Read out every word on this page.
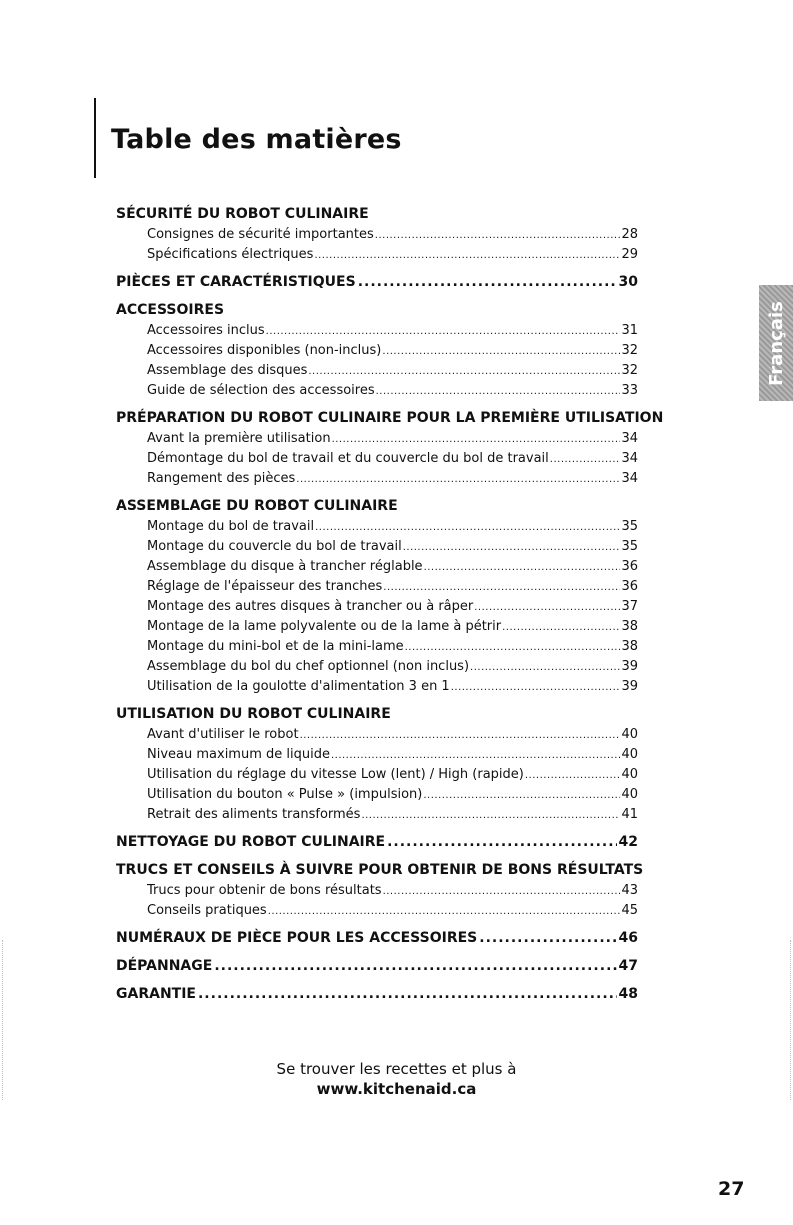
Table des matières
SÉCURITÉ DU ROBOT CULINAIRE
Consignes de sécurité importantes .....	28
Spécifications électriques .....	29
PIÈCES ET CARACTÉRISTIQUES .....	30
ACCESSOIRES
Accessoires inclus .....	31
Accessoires disponibles (non-inclus) .....	32
Assemblage des disques .....	32
Guide de sélection des accessoires .....	33
PRÉPARATION DU ROBOT CULINAIRE POUR LA PREMIÈRE UTILISATION
Avant la première utilisation .....	34
Démontage du bol de travail et du couvercle du bol de travail .....	34
Rangement des pièces .....	34
ASSEMBLAGE DU ROBOT CULINAIRE
Montage du bol de travail .....	35
Montage du couvercle du bol de travail .....	35
Assemblage du disque à trancher réglable .....	36
Réglage de l'épaisseur des tranches .....	36
Montage des autres disques à trancher ou à râper .....	37
Montage de la lame polyvalente ou de la lame à pétrir .....	38
Montage du mini-bol et de la mini-lame .....	38
Assemblage du bol du chef optionnel (non inclus) .....	39
Utilisation de la goulotte d'alimentation 3 en 1 .....	39
UTILISATION DU ROBOT CULINAIRE
Avant d'utiliser le robot .....	40
Niveau maximum de liquide .....	40
Utilisation du réglage du vitesse Low (lent) / High (rapide) .....	40
Utilisation du bouton « Pulse » (impulsion) .....	40
Retrait des aliments transformés .....	41
NETTOYAGE DU ROBOT CULINAIRE .....	42
TRUCS ET CONSEILS À SUIVRE POUR OBTENIR DE BONS RÉSULTATS
Trucs pour obtenir de bons résultats .....	43
Conseils pratiques .....	45
NUMÉRAUX DE PIÈCE POUR LES ACCESSOIRES .....	46
DÉPANNAGE .....	47
GARANTIE .....	48
Français
Se trouver les recettes et plus à
www.kitchenaid.ca
27
